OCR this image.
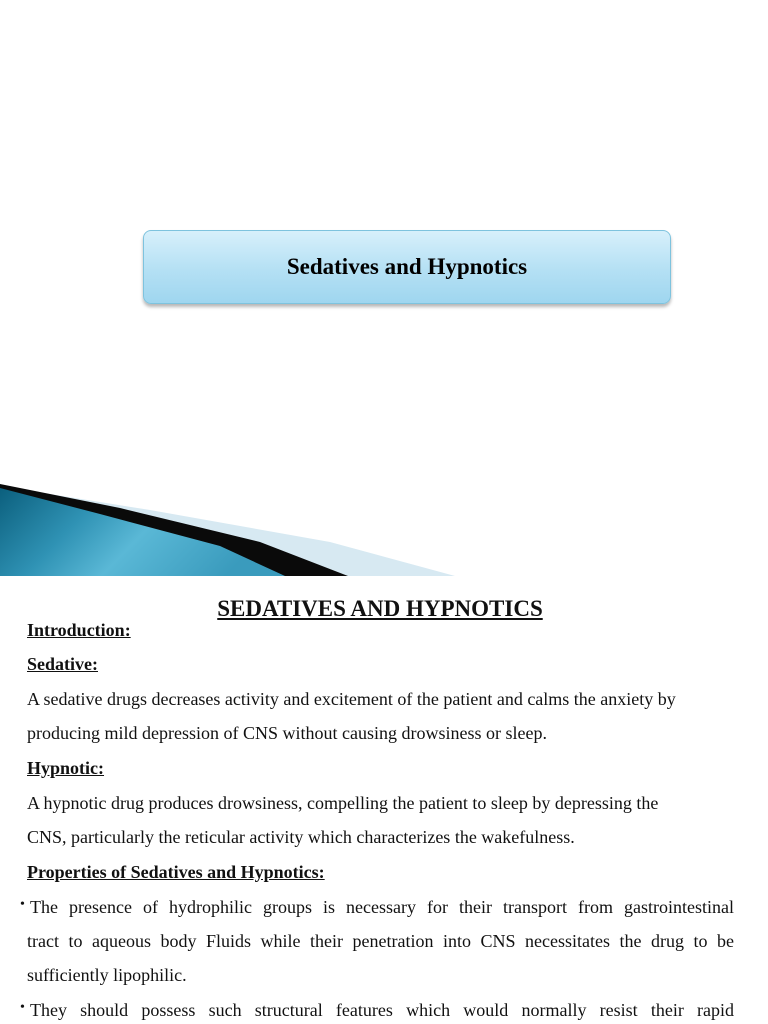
Sedatives and Hypnotics
SEDATIVES AND HYPNOTICS
Introduction:
Sedative:
A sedative drugs decreases activity and excitement of the patient and calms the anxiety by
producing mild depression of CNS without causing drowsiness or sleep.
Hypnotic:
A hypnotic drug produces drowsiness, compelling the patient to sleep by depressing the
CNS, particularly the reticular activity which characterizes the wakefulness.
Properties of Sedatives and Hypnotics:
• The presence of hydrophilic groups is necessary for their transport from gastrointestinal
tract to aqueous body Fluids while their penetration into CNS necessitates the drug to be
sufficiently lipophilic.
• They should possess such structural features which would normally resist their rapid
